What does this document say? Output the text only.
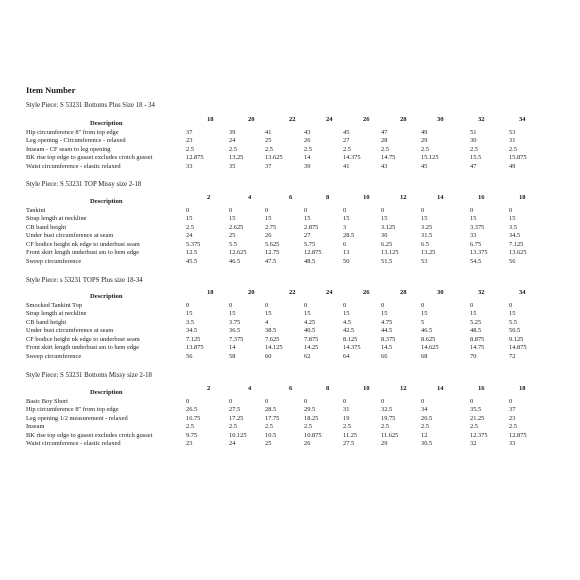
Item Number
Style Piece: S 53231 Bottoms Plus Size 18 - 34
Description
18	20	22	24	26	28	30	32	34
Hip circumference 8" from top edge	37	39	41	43	45	47	49	51	53
Leg opening - Circumference - relaxed	23	24	25	26	27	28	29	30	31
Inseam - CF seam to leg opening	2.5	2.5	2.5	2.5	2.5	2.5	2.5	2.5	2.5
BK rise top edge to gusset excludes crotch gusset	12.875	13.25	13.625	14	14.375	14.75	15.125	15.5	15.875
Waist circumference - elastic relaxed	33	35	37	39	41	43	45	47	49
Style Piece: S 53231 TOP Missy size 2-18
Description
2	4	6	8	10	12	14	16	18
Tankini	0	0	0	0	0	0	0	0	0
Strap length at neckline	15	15	15	15	15	15	15	15	15
CB band height	2.5	2.625	2.75	2.875	3	3.125	3.25	3.375	3.5
Under bust circumference at seam	24	25	26	27	28.5	30	31.5	33	34.5
CF bodice height nk edge to underbust seam	5.375	5.5	5.625	5.75	6	6.25	6.5	6.75	7.125
Front skirt length underbust sm to hem edge	12.5	12.625	12.75	12.875	13	13.125	13.25	13.375	13.625
Sweep circumference	45.5	46.5	47.5	48.5	50	51.5	53	54.5	56
Style Piece: s 53231 TOPS Plus size 18-34
Description
18	20	22	24	26	28	30	32	34
Smocked Tankini Top	0	0	0	0	0	0	0	0	0
Strap length at neckline	15	15	15	15	15	15	15	15	15
CB band height	3.5	3.75	4	4.25	4.5	4.75	5	5.25	5.5
Under bust circumference at seam	34.5	36.5	38.5	40.5	42.5	44.5	46.5	48.5	50.5
CF bodice height nk edge to underbust seam	7.125	7.375	7.625	7.875	8.125	8.375	8.625	8.875	9.125
Front skirt length underbust sm to hem edge	13.875	14	14.125	14.25	14.375	14.5	14.625	14.75	14.875
Sweep circumference	56	58	60	62	64	66	68	70	72
Style Piece: S 53231 Bottoms Missy size 2-18
Description
2	4	6	8	10	12	14	16	18
Basic Boy Short	0	0	0	0	0	0	0	0	0
Hip circumference 8" from top edge	26.5	27.5	28.5	29.5	31	32.5	34	35.5	37
Leg opening 1/2 measurement - relaxed	16.75	17.25	17.75	18.25	19	19.75	20.5	21.25	23
Inseam	2.5	2.5	2.5	2.5	2.5	2.5	2.5	2.5	2.5
BK rise top edge to gusset excludes crotch gusset	9.75	10.125	10.5	10.875	11.25	11.625	12	12.375	12.875
Waist circumference - elastic relaxed	23	24	25	26	27.5	29	30.5	32	33
